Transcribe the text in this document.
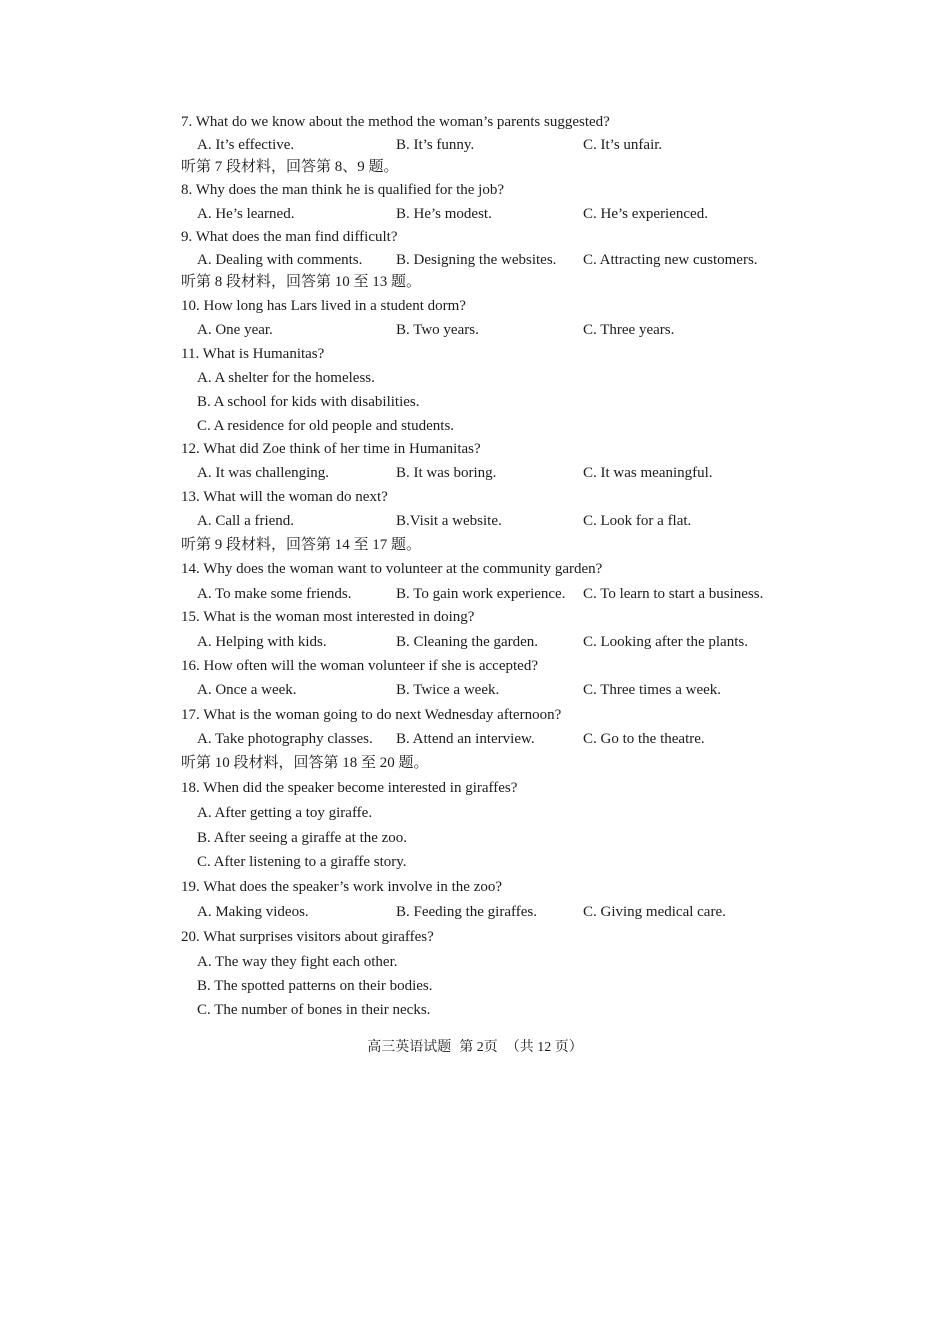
7. What do we know about the method the woman’s parents suggested?
A. It’s effective.	B. It’s funny.	C. It’s unfair.
听第 7 段材料，回答第 8、9 题。
8. Why does the man think he is qualified for the job?
A. He’s learned.	B. He’s modest.	C. He’s experienced.
9. What does the man find difficult?
A. Dealing with comments. B. Designing the websites. C. Attracting new customers.
听第 8 段材料，回答第 10 至 13 题。
10. How long has Lars lived in a student dorm?
A. One year.	B. Two years.	C. Three years.
11. What is Humanitas?
A. A shelter for the homeless.
B. A school for kids with disabilities.
C. A residence for old people and students.
12. What did Zoe think of her time in Humanitas?
A. It was challenging.	B. It was boring.	C. It was meaningful.
13. What will the woman do next?
A. Call a friend.	B.Visit a website.	C. Look for a flat.
听第 9 段材料，回答第 14 至 17 题。
14. Why does the woman want to volunteer at the community garden?
A. To make some friends.	B. To gain work experience. C. To learn to start a business.
15. What is the woman most interested in doing?
A. Helping with kids.	B. Cleaning the garden.	C. Looking after the plants.
16. How often will the woman volunteer if she is accepted?
A. Once a week.	B. Twice a week.	C. Three times a week.
17. What is the woman going to do next Wednesday afternoon?
A. Take photography classes. B. Attend an interview.	C. Go to the theatre.
听第 10 段材料，回答第 18 至 20 题。
18. When did the speaker become interested in giraffes?
A. After getting a toy giraffe.
B. After seeing a giraffe at the zoo.
C. After listening to a giraffe story.
19. What does the speaker’s work involve in the zoo?
A. Making videos.	B. Feeding the giraffes.	C. Giving medical care.
20. What surprises visitors about giraffes?
A. The way they fight each other.
B. The spotted patterns on their bodies.
C. The number of bones in their necks.
高三英语试题 第 2页 （共 12 页）
